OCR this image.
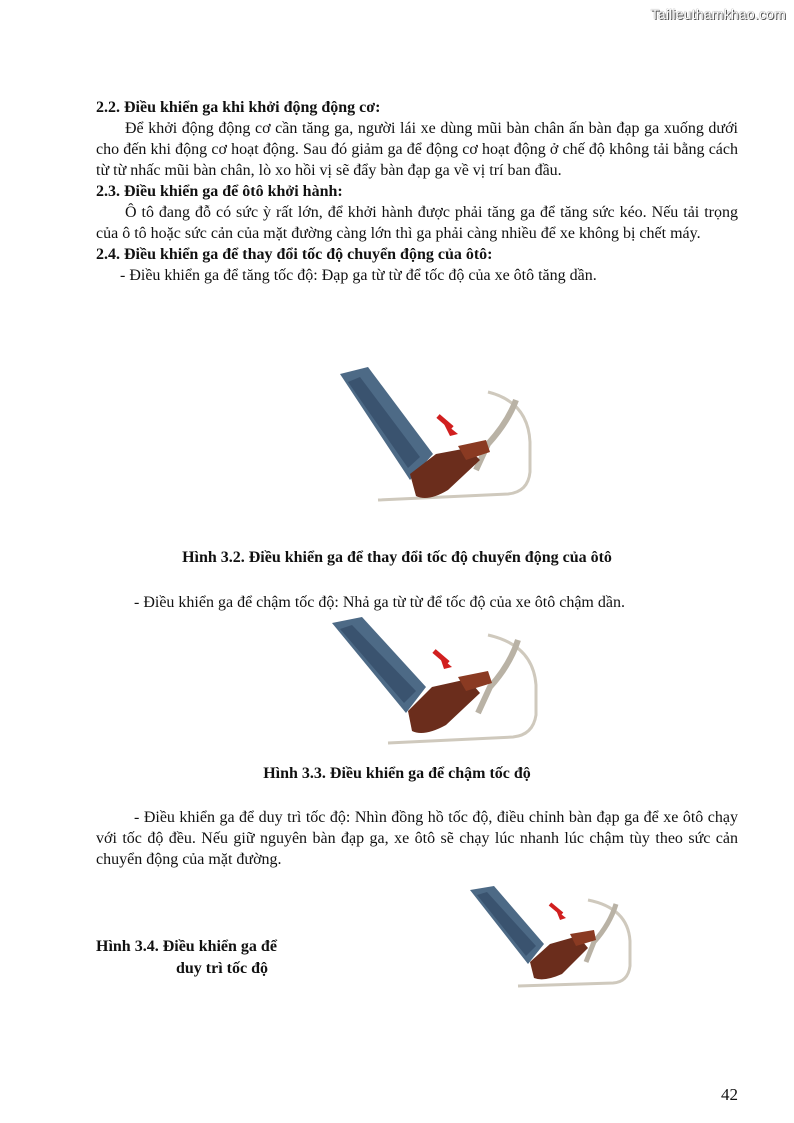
Tailieuthamkhao.com

2.2. Điều khiển ga khi khởi động động cơ:

Để khởi động động cơ cần tăng ga, người lái xe dùng mũi bàn chân ấn bàn đạp ga xuống dưới cho đến khi động cơ hoạt động. Sau đó giảm ga để động cơ hoạt động ở chế độ không tải bằng cách từ từ nhấc mũi bàn chân, lò xo hồi vị sẽ đẩy bàn đạp ga về vị trí ban đầu.

2.3. Điều khiển ga để ôtô khởi hành:

Ô tô đang đỗ có sức ỳ rất lớn, để khởi hành được phải tăng ga để tăng sức kéo. Nếu tải trọng của ô tô hoặc sức cản của mặt đường càng lớn thì ga phải càng nhiều để xe không bị chết máy.

2.4. Điều khiển ga để thay đổi tốc độ chuyển động của ôtô:

- Điều khiển ga để tăng tốc độ: Đạp ga từ từ để tốc độ của xe ôtô tăng dần.

Hình 3.2. Điều khiển ga để thay đổi tốc độ chuyển động của ôtô
- Điều khiển ga để chậm tốc độ: Nhả ga từ từ để tốc độ của xe ôtô chậm dần.
Hình 3.3. Điều khiển ga để chậm tốc độ
- Điều khiển ga để duy trì tốc độ: Nhìn đồng hồ tốc độ, điều chỉnh bàn đạp ga để xe ôtô chạy với tốc độ đều. Nếu giữ nguyên bàn đạp ga, xe ôtô sẽ chạy lúc nhanh lúc chậm tùy theo sức cản chuyển động của mặt đường.
Hình 3.4. Điều khiển ga để
duy trì tốc độ
42
